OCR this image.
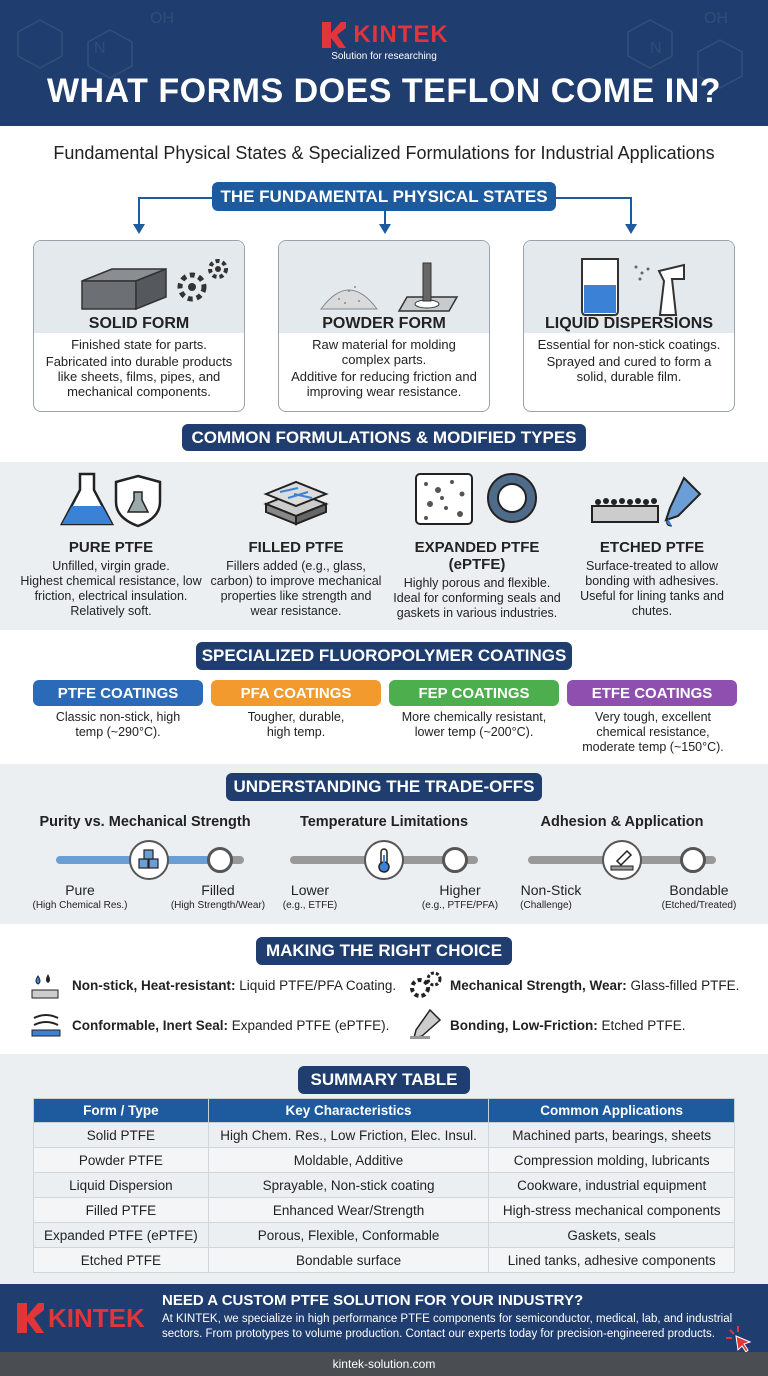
OH
N
OH
N
KINTEK
Solution for researching
WHAT FORMS DOES TEFLON COME IN?
Fundamental Physical States & Specialized Formulations for Industrial Applications
THE FUNDAMENTAL PHYSICAL STATES
SOLID FORM

Finished state for parts.

Fabricated into durable products like sheets, films, pipes, and mechanical components.

POWDER FORM

Raw material for molding complex parts.

Additive for reducing friction and improving wear resistance.

LIQUID DISPERSIONS

Essential for non-stick coatings.

Sprayed and cured to form a solid, durable film.

COMMON FORMULATIONS & MODIFIED TYPES
PURE PTFE

Unfilled, virgin grade.

Highest chemical resistance, low friction, electrical insulation. Relatively soft.

FILLED PTFE

Fillers added (e.g., glass, carbon) to improve mechanical properties like strength and wear resistance.

EXPANDED PTFE (ePTFE)

Highly porous and flexible.

Ideal for conforming seals and gaskets in various industries.

ETCHED PTFE

Surface-treated to allow bonding with adhesives.

Useful for lining tanks and chutes.

SPECIALIZED FLUOROPOLYMER COATINGS
PTFE COATINGS	PFA COATINGS	FEP COATINGS	ETFE COATINGS
Classic non-stick, high temp (~290°C).
Tougher, durable, high temp.
More chemically resistant, lower temp (~200°C).
Very tough, excellent chemical resistance, moderate temp (~150°C).
UNDERSTANDING THE TRADE-OFFS
Purity vs. Mechanical Strength
Pure
(High Chemical Res.)
Filled
(High Strength/Wear)
Temperature Limitations
Lower
(e.g., ETFE)
Higher
(e.g., PTFE/PFA)
Adhesion & Application
Non-Stick
(Challenge)
Bondable
(Etched/Treated)
MAKING THE RIGHT CHOICE
Non-stick, Heat-resistant: Liquid PTFE/PFA Coating.	Mechanical Strength, Wear: Glass-filled PTFE.
Conformable, Inert Seal: Expanded PTFE (ePTFE).	Bonding, Low-Friction: Etched PTFE.
SUMMARY TABLE
Form / Type	Key Characteristics	Common Applications
Solid PTFE	High Chem. Res., Low Friction, Elec. Insul.	Machined parts, bearings, sheets
Powder PTFE	Moldable, Additive	Compression molding, lubricants
Liquid Dispersion	Sprayable, Non-stick coating	Cookware, industrial equipment
Filled PTFE	Enhanced Wear/Strength	High-stress mechanical components
Expanded PTFE (ePTFE)	Porous, Flexible, Conformable	Gaskets, seals
Etched PTFE	Bondable surface	Lined tanks, adhesive components
KINTEK
NEED A CUSTOM PTFE SOLUTION FOR YOUR INDUSTRY?
At KINTEK, we specialize in high performance PTFE components for semiconductor, medical, lab, and industrial sectors. From prototypes to volume production. Contact our experts today for precision-engineered products.
kintek-solution.com
